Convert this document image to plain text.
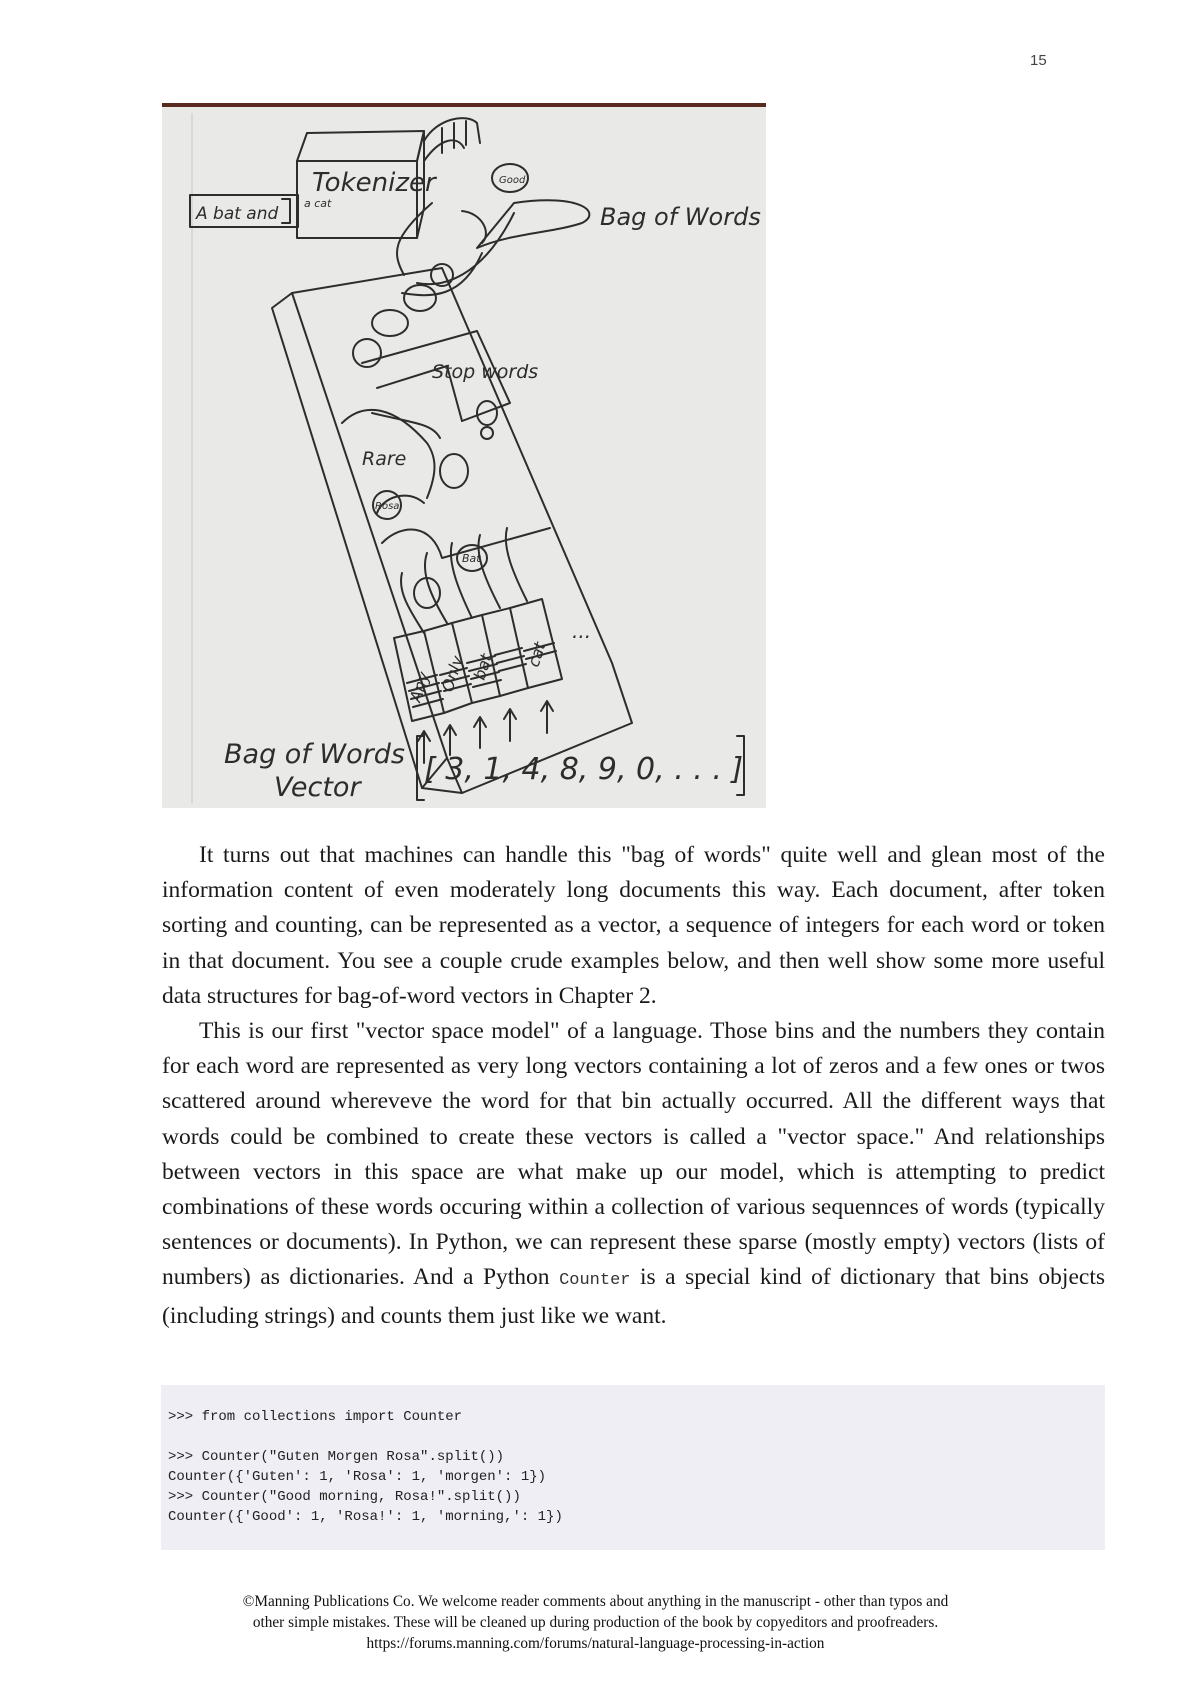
15
Tokenizer
A bat and
a cat
Good
Bag of Words
Stop words
Rare
Rosa
Bat
Any Only bat cat
...
Bag of Words
Vector
[ 3, 1, 4, 8, 9, 0, . . . ]

It turns out that machines can handle this "bag of words" quite well and glean most of the information content of even moderately long documents this way. Each document, after token sorting and counting, can be represented as a vector, a sequence of integers for each word or token in that document. You see a couple crude examples below, and then well show some more useful data structures for bag-of-word vectors in Chapter 2.

This is our first "vector space model" of a language. Those bins and the numbers they contain for each word are represented as very long vectors containing a lot of zeros and a few ones or twos scattered around whereveve the word for that bin actually occurred. All the different ways that words could be combined to create these vectors is called a "vector space." And relationships between vectors in this space are what make up our model, which is attempting to predict combinations of these words occuring within a collection of various sequennces of words (typically sentences or documents). In Python, we can represent these sparse (mostly empty) vectors (lists of numbers) as dictionaries. And a Python Counter is a special kind of dictionary that bins objects (including strings) and counts them just like we want.

>>> from collections import Counter

>>> Counter("Guten Morgen Rosa".split())
Counter({'Guten': 1, 'Rosa': 1, 'morgen': 1})
>>> Counter("Good morning, Rosa!".split())
Counter({'Good': 1, 'Rosa!': 1, 'morning,': 1})
©Manning Publications Co. We welcome reader comments about anything in the manuscript - other than typos and
other simple mistakes. These will be cleaned up during production of the book by copyeditors and proofreaders.
https://forums.manning.com/forums/natural-language-processing-in-action
